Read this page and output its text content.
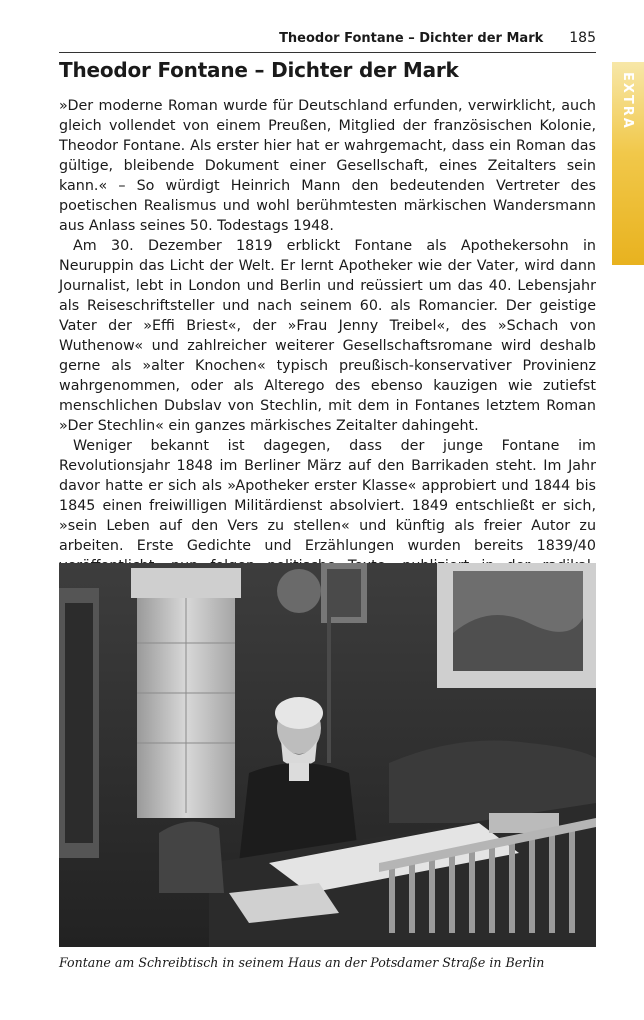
Theodor Fontane – Dichter der Mark 185
EXTRA
Theodor Fontane – Dichter der Mark

»Der moderne Roman wurde für Deutschland erfunden, verwirklicht, auch gleich vollendet von einem Preußen, Mitglied der französischen Kolonie, Theodor Fontane. Als erster hier hat er wahrgemacht, dass ein Roman das gültige, bleibende Dokument einer Gesellschaft, eines Zeitalters sein kann.« – So würdigt Heinrich Mann den bedeutenden Vertreter des poetischen Realismus und wohl berühmtesten märkischen Wandersmann aus Anlass seines 50. Todestags 1948.

Am 30. Dezember 1819 erblickt Fontane als Apothekersohn in Neuruppin das Licht der Welt. Er lernt Apotheker wie der Vater, wird dann Journalist, lebt in London und Berlin und reüssiert um das 40. Lebensjahr als Reiseschriftsteller und nach seinem 60. als Romancier. Der geistige Vater der »Effi Briest«, der »Frau Jenny Treibel«, des »Schach von Wuthenow« und zahlreicher weiterer Gesellschaftsromane wird deshalb gerne als »alter Knochen« typisch preußisch-konservativer Provinienz wahrgenommen, oder als Alterego des ebenso kauzigen wie zutiefst menschlichen Dubslav von Stechlin, mit dem in Fontanes letztem Roman »Der Stechlin« ein ganzes märkisches Zeitalter dahingeht.

Weniger bekannt ist dagegen, dass der junge Fontane im Revolutionsjahr 1848 im Berliner März auf den Barrikaden steht. Im Jahr davor hatte er sich als »Apotheker erster Klasse« approbiert und 1844 bis 1845 einen freiwilligen Militärdienst absolviert. 1849 entschließt er sich, »sein Leben auf den Vers zu stellen« und künftig als freier Autor zu arbeiten. Erste Gedichte und Erzählungen wurden bereits 1839/40

Fontane am Schreibtisch in seinem Haus an der Potsdamer Straße in Berlin
